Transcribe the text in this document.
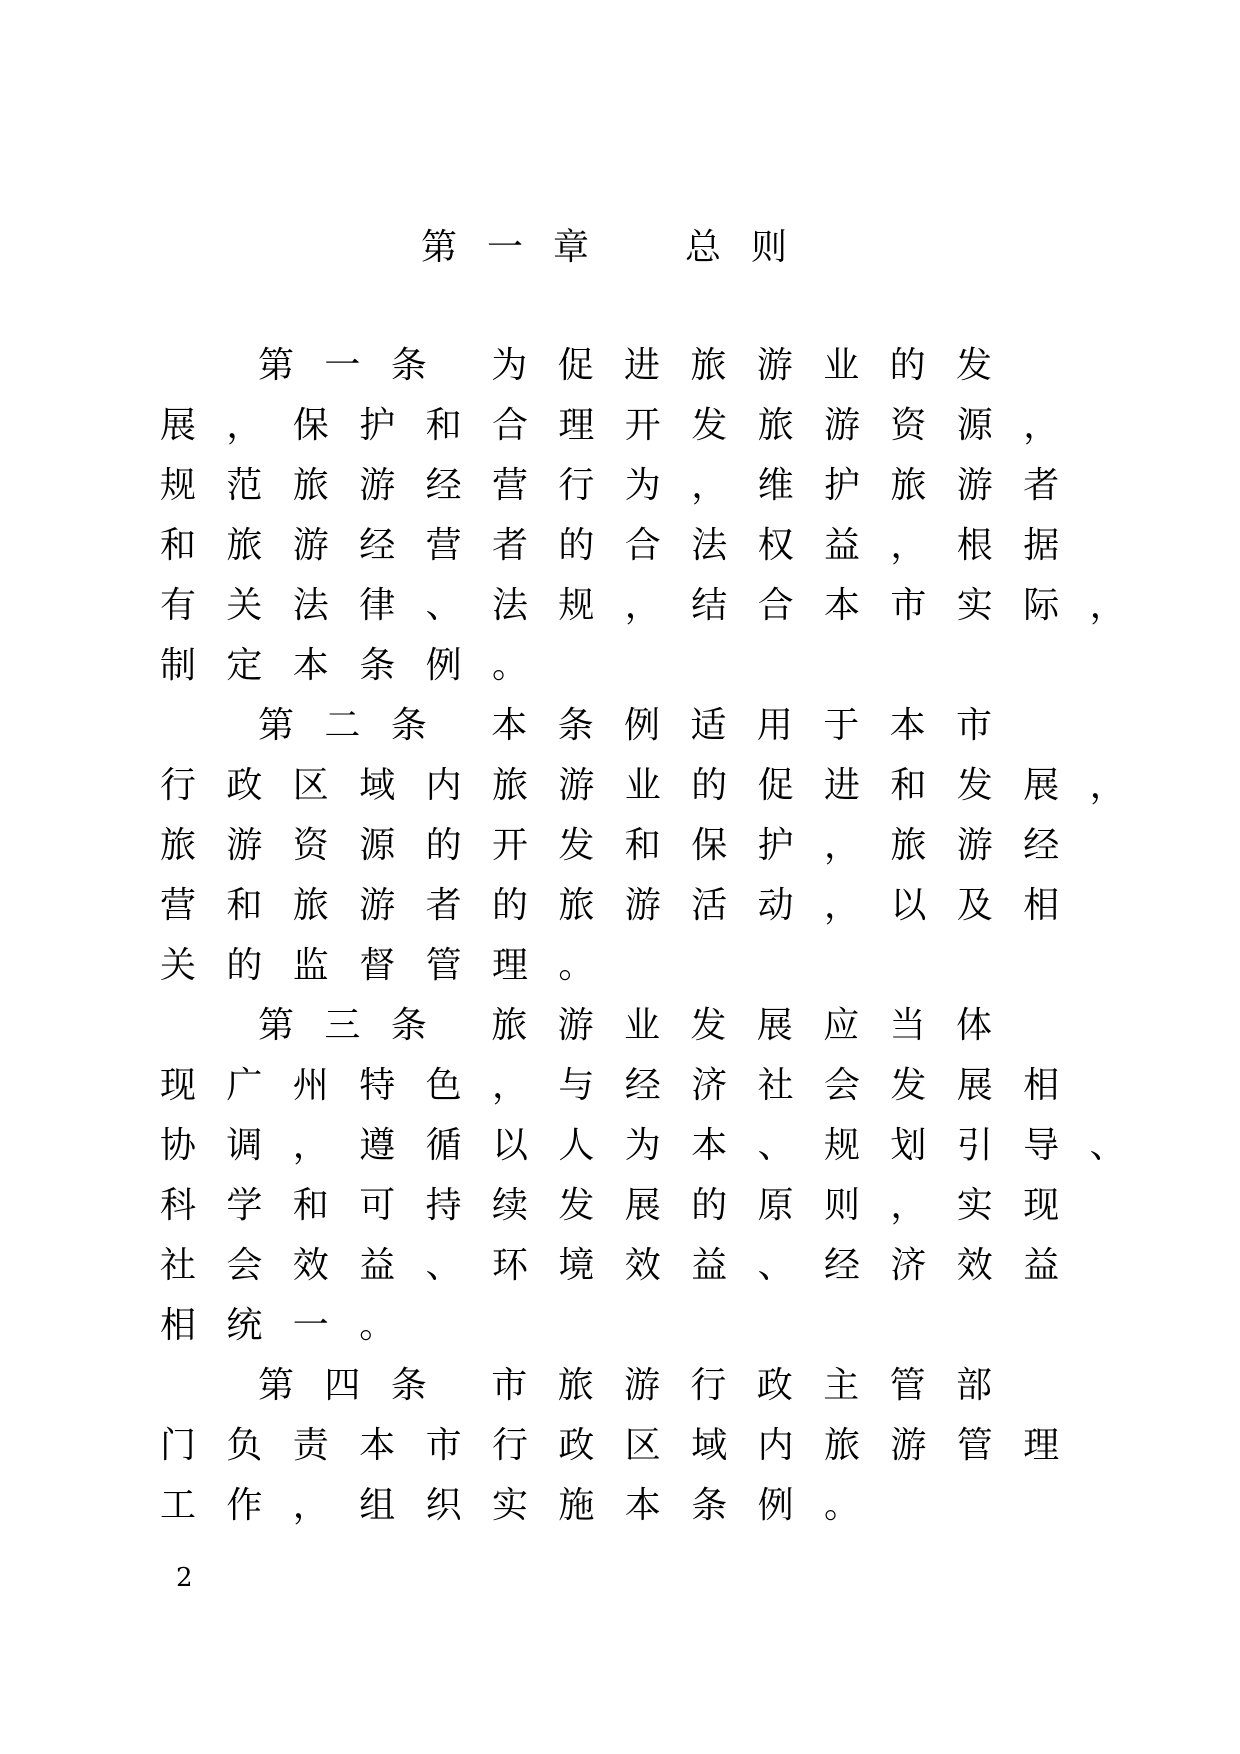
第一章 总则
第一条 为促进旅游业的发
展，保护和合理开发旅游资源，
规范旅游经营行为，维护旅游者
和旅游经营者的合法权益，根据
有关法律、法规，结合本市实际，
制定本条例。
第二条 本条例适用于本市
行政区域内旅游业的促进和发展，
旅游资源的开发和保护，旅游经
营和旅游者的旅游活动，以及相
关的监督管理。
第三条 旅游业发展应当体
现广州特色，与经济社会发展相
协调，遵循以人为本、规划引导、
科学和可持续发展的原则，实现
社会效益、环境效益、经济效益
相统一。
第四条 市旅游行政主管部
门负责本市行政区域内旅游管理
工作，组织实施本条例。
2
